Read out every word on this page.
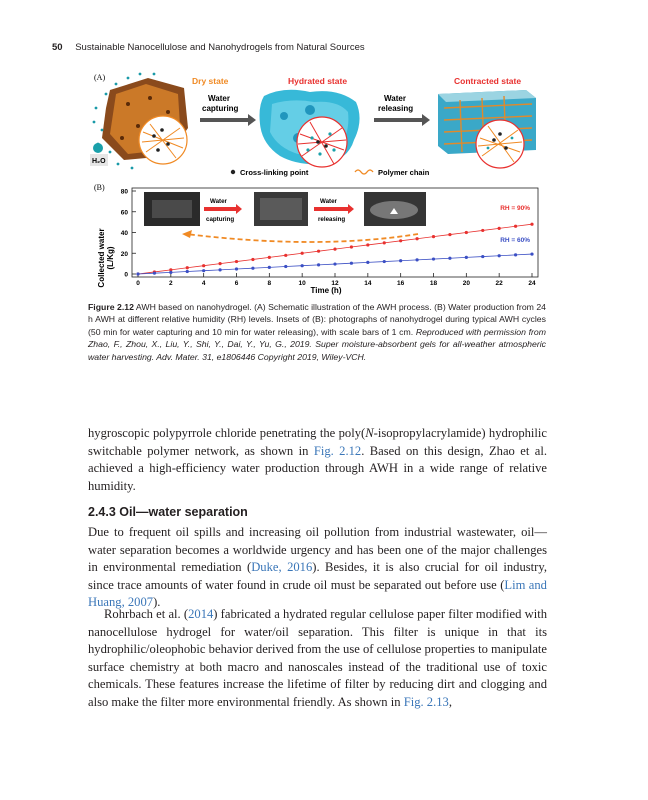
50 Sustainable Nanocellulose and Nanohydrogels from Natural Sources
(A)
H₂O
Dry state
Water
capturing
Hydrated state
Water
releasing
Contracted state
Cross-linking point	Polymer chain
(B)
Collected water (L/Kg)
0
20
40
60
80
0	2	4	6	8	10	12	14	16	18	20	22	24
RH = 90%
RH = 60%
Water
capturing
Water
releasing
Time (h)
Figure 2.12 AWH based on nanohydrogel. (A) Schematic illustration of the AWH process. (B) Water production from 24 h AWH at different relative humidity (RH) levels. Insets of (B): photographs of nanohydrogel during typical AWH cycles (50 min for water capturing and 10 min for water releasing), with scale bars of 1 cm. Reproduced with permission from Zhao, F., Zhou, X., Liu, Y., Shi, Y., Dai, Y., Yu, G., 2019. Super moisture-absorbent gels for all-weather atmospheric water harvesting. Adv. Mater. 31, e1806446 Copyright 2019, Wiley-VCH.
hygroscopic polypyrrole chloride penetrating the poly(N-isopropylacrylamide) hydrophilic switchable polymer network, as shown in Fig. 2.12. Based on this design, Zhao et al. achieved a high-efficiency water production through AWH in a wide range of relative humidity.
2.4.3 Oil—water separation
Due to frequent oil spills and increasing oil pollution from industrial wastewater, oil—water separation becomes a worldwide urgency and has been one of the major challenges in environmental remediation (Duke, 2016). Besides, it is also crucial for oil industry, since trace amounts of water found in crude oil must be separated out before use (Lim and Huang, 2007).
Rohrbach et al. (2014) fabricated a hydrated regular cellulose paper filter modified with nanocellulose hydrogel for water/oil separation. This filter is unique in that its hydrophilic/oleophobic behavior derived from the use of cellulose properties to manipulate surface chemistry at both macro and nanoscales instead of the traditional use of toxic chemicals. These features increase the lifetime of filter by reducing dirt and clogging and also make the filter more environmental friendly. As shown in Fig. 2.13,
